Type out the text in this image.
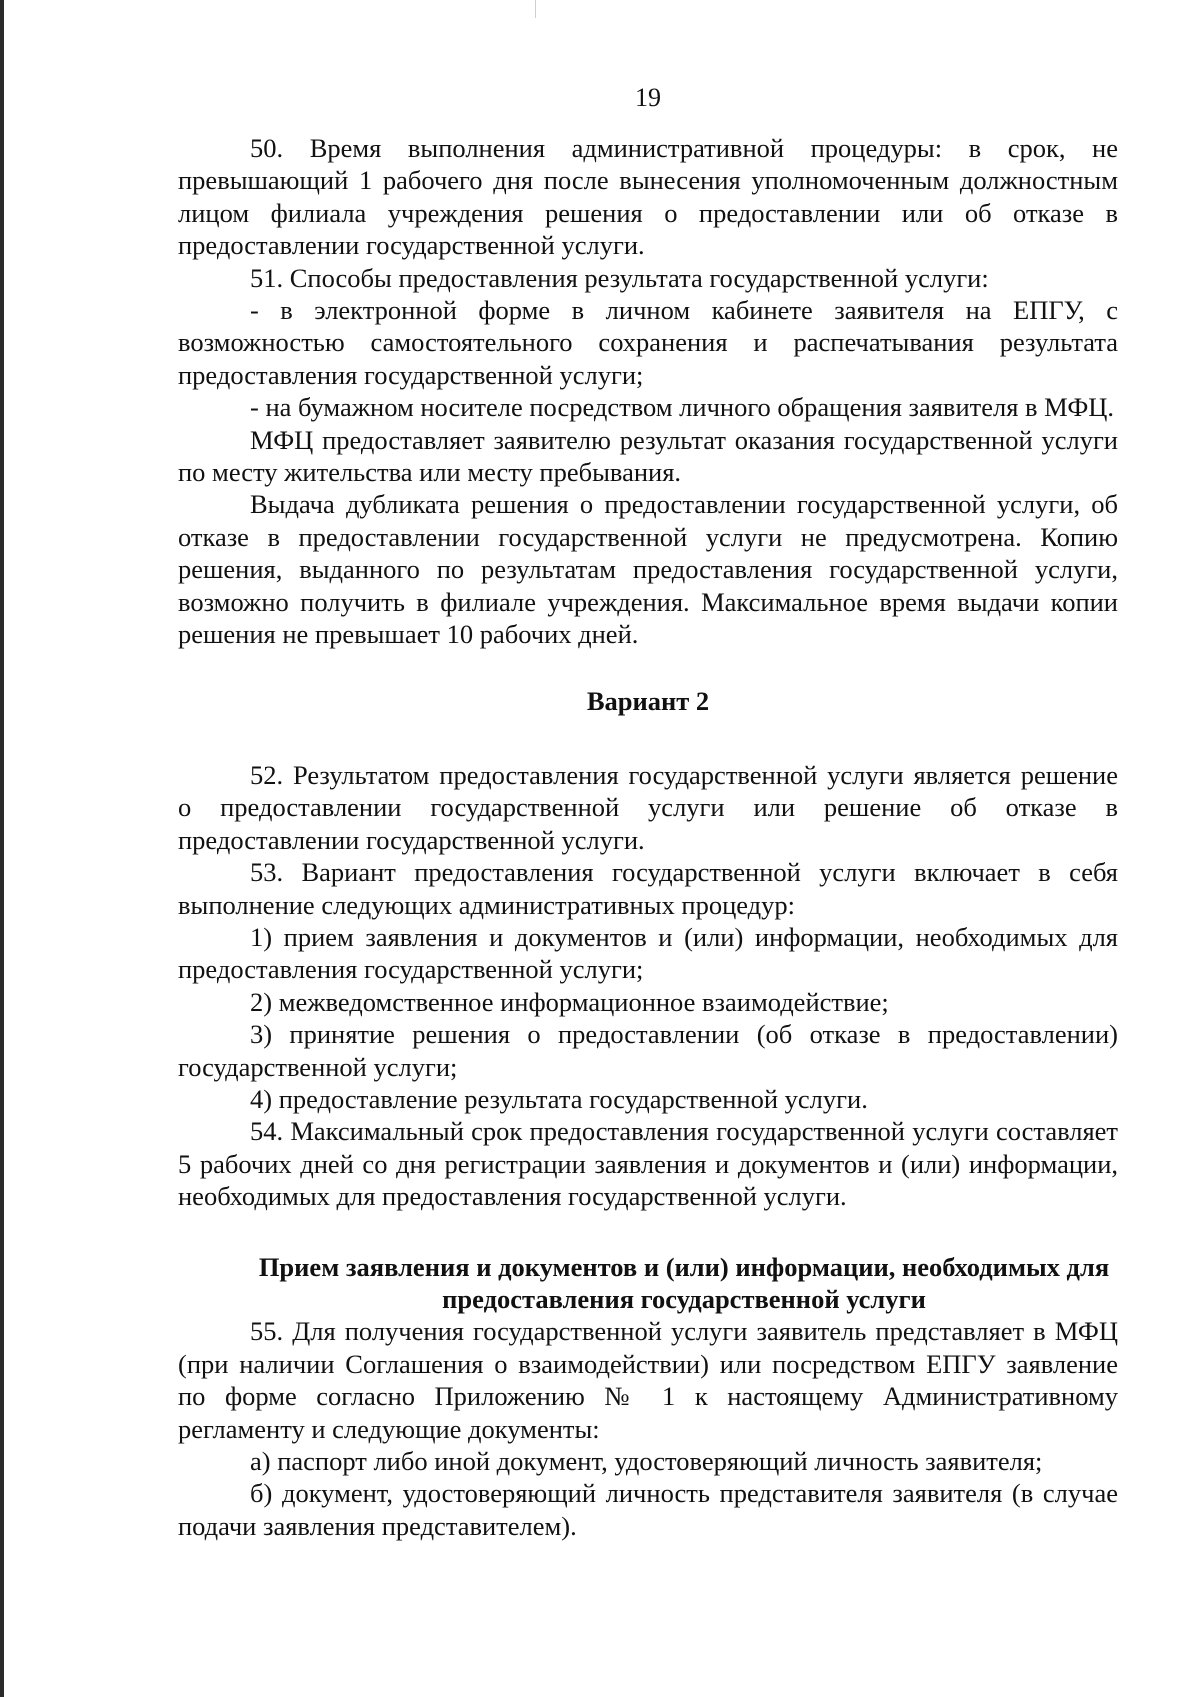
19

50. Время выполнения административной процедуры: в срок, не превышающий 1 рабочего дня после вынесения уполномоченным должностным лицом филиала учреждения решения о предоставлении или об отказе в предоставлении государственной услуги.

51. Способы предоставления результата государственной услуги:

- в электронной форме в личном кабинете заявителя на ЕПГУ, с возможностью самостоятельного сохранения и распечатывания результата предоставления государственной услуги;

- на бумажном носителе посредством личного обращения заявителя в МФЦ.

МФЦ предоставляет заявителю результат оказания государственной услуги по месту жительства или месту пребывания.

Выдача дубликата решения о предоставлении государственной услуги, об отказе в предоставлении государственной услуги не предусмотрена. Копию решения, выданного по результатам предоставления государственной услуги, возможно получить в филиале учреждения. Максимальное время выдачи копии решения не превышает 10 рабочих дней.

Вариант 2

52. Результатом предоставления государственной услуги является решение о предоставлении государственной услуги или решение об отказе в предоставлении государственной услуги.

53. Вариант предоставления государственной услуги включает в себя выполнение следующих административных процедур:

1) прием заявления и документов и (или) информации, необходимых для предоставления государственной услуги;

2) межведомственное информационное взаимодействие;

3) принятие решения о предоставлении (об отказе в предоставлении) государственной услуги;

4) предоставление результата государственной услуги.

54. Максимальный срок предоставления государственной услуги составляет 5 рабочих дней со дня регистрации заявления и документов и (или) информации, необходимых для предоставления государственной услуги.

Прием заявления и документов и (или) информации, необходимых для предоставления государственной услуги

55. Для получения государственной услуги заявитель представляет в МФЦ (при наличии Соглашения о взаимодействии) или посредством ЕПГУ заявление по форме согласно Приложению № 1 к настоящему Административному регламенту и следующие документы:

а) паспорт либо иной документ, удостоверяющий личность заявителя;

б) документ, удостоверяющий личность представителя заявителя (в случае подачи заявления представителем).
